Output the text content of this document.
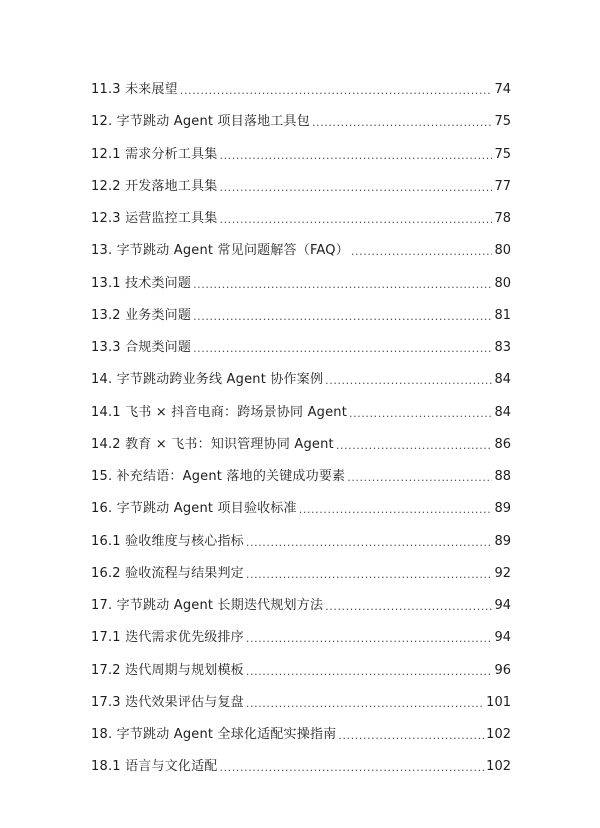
11.3 未来展望 .....	74
12. 字节跳动 Agent 项目落地工具包 .....	75
12.1 需求分析工具集 .....	75
12.2 开发落地工具集 .....	77
12.3 运营监控工具集 .....	78
13. 字节跳动 Agent 常见问题解答（FAQ） .....	80
13.1 技术类问题 .....	80
13.2 业务类问题 .....	81
13.3 合规类问题 .....	83
14. 字节跳动跨业务线 Agent 协作案例 .....	84
14.1 飞书 × 抖音电商：跨场景协同 Agent .....	84
14.2 教育 × 飞书：知识管理协同 Agent .....	86
15. 补充结语：Agent 落地的关键成功要素 .....	88
16. 字节跳动 Agent 项目验收标准 .....	89
16.1 验收维度与核心指标 .....	89
16.2 验收流程与结果判定 .....	92
17. 字节跳动 Agent 长期迭代规划方法 .....	94
17.1 迭代需求优先级排序 .....	94
17.2 迭代周期与规划模板 .....	96
17.3 迭代效果评估与复盘 .....	101
18. 字节跳动 Agent 全球化适配实操指南 .....	102
18.1 语言与文化适配 .....	102
